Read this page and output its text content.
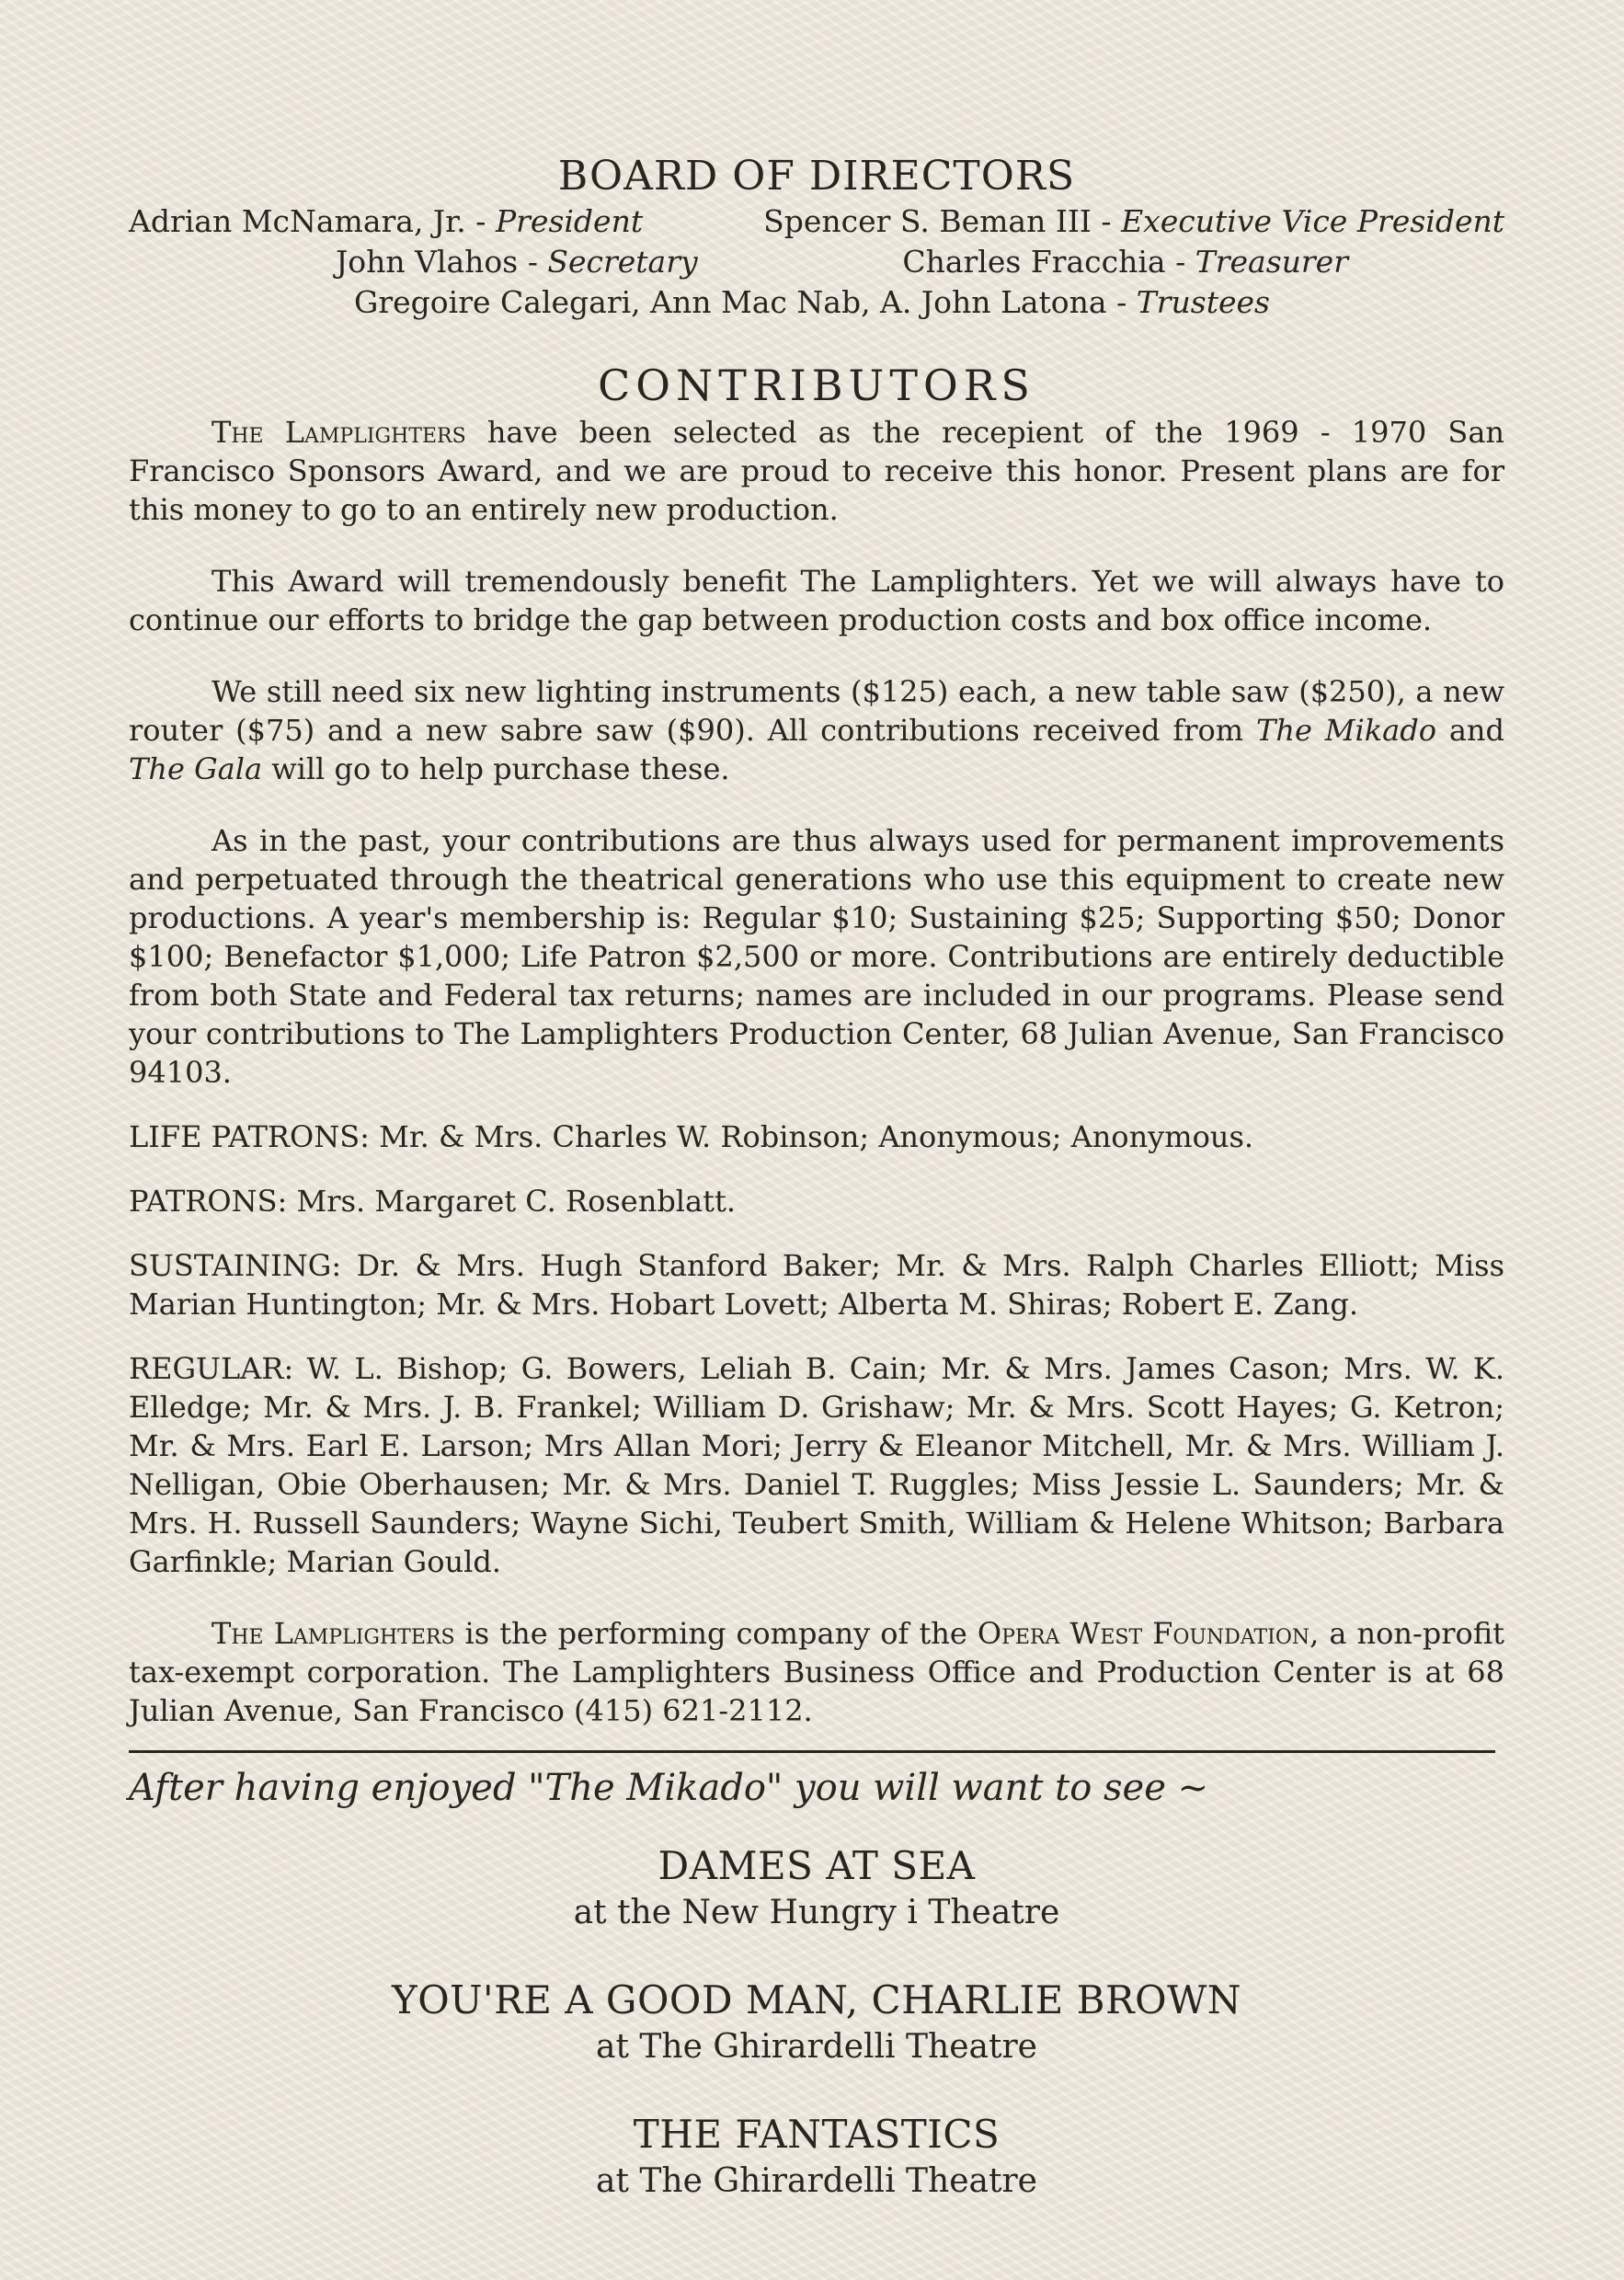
BOARD OF DIRECTORS
Adrian McNamara, Jr. - President	Spencer S. Beman III - Executive Vice President
John Vlahos - Secretary	Charles Fracchia - Treasurer
Gregoire Calegari, Ann Mac Nab, A. John Latona - Trustees
CONTRIBUTORS

The Lamplighters have been selected as the recepient of the 1969 - 1970 San Francisco Sponsors Award, and we are proud to receive this honor. Present plans are for this money to go to an entirely new production.

This Award will tremendously benefit The Lamplighters. Yet we will always have to continue our efforts to bridge the gap between production costs and box office income.

We still need six new lighting instruments ($125) each, a new table saw ($250), a new router ($75) and a new sabre saw ($90). All contributions received from The Mikado and The Gala will go to help purchase these.

As in the past, your contributions are thus always used for permanent improvements and perpetuated through the theatrical generations who use this equipment to create new productions. A year's membership is: Regular $10; Sustaining $25; Supporting $50; Donor $100; Benefactor $1,000; Life Patron $2,500 or more. Contributions are entirely deductible from both State and Federal tax returns; names are included in our programs. Please send your contributions to The Lamplighters Production Center, 68 Julian Avenue, San Francisco 94103.

LIFE PATRONS: Mr. & Mrs. Charles W. Robinson; Anonymous; Anonymous.

PATRONS: Mrs. Margaret C. Rosenblatt.

SUSTAINING: Dr. & Mrs. Hugh Stanford Baker; Mr. & Mrs. Ralph Charles Elliott; Miss Marian Huntington; Mr. & Mrs. Hobart Lovett; Alberta M. Shiras; Robert E. Zang.

REGULAR: W. L. Bishop; G. Bowers, Leliah B. Cain; Mr. & Mrs. James Cason; Mrs. W. K. Elledge; Mr. & Mrs. J. B. Frankel; William D. Grishaw; Mr. & Mrs. Scott Hayes; G. Ketron; Mr. & Mrs. Earl E. Larson; Mrs Allan Mori; Jerry & Eleanor Mitchell, Mr. & Mrs. William J. Nelligan, Obie Oberhausen; Mr. & Mrs. Daniel T. Ruggles; Miss Jessie L. Saunders; Mr. & Mrs. H. Russell Saunders; Wayne Sichi, Teubert Smith, William & Helene Whitson; Barbara Garfinkle; Marian Gould.

The Lamplighters is the performing company of the Opera West Foundation, a non-profit tax-exempt corporation. The Lamplighters Business Office and Production Center is at 68 Julian Avenue, San Francisco (415) 621-2112.

After having enjoyed "The Mikado" you will want to see ~
DAMES AT SEA
at the New Hungry i Theatre
YOU'RE A GOOD MAN, CHARLIE BROWN
at The Ghirardelli Theatre
THE FANTASTICS
at The Ghirardelli Theatre
